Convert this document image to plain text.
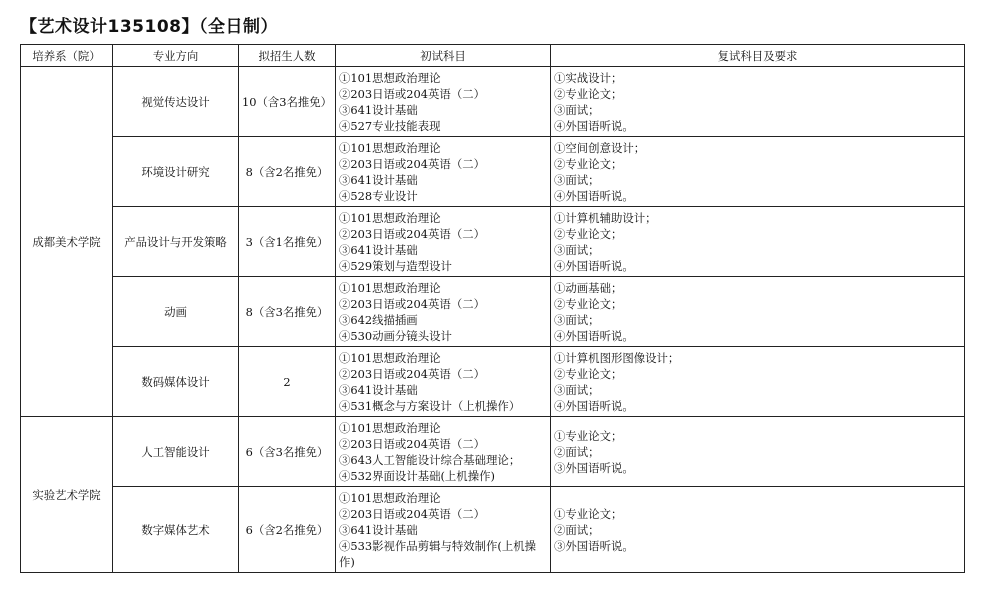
【艺术设计135108】（全日制）
培养系（院）	专业方向	拟招生人数	初试科目	复试科目及要求
成都美术学院	视觉传达设计	10（含3名推免）	①101思想政治理论
②203日语或204英语（二）
③641设计基础
④527专业技能表现	①实战设计；
②专业论文；
③面试；
④外国语听说。

	环境设计研究	8（含2名推免）	①101思想政治理论
②203日语或204英语（二）
③641设计基础
④528专业设计	①空间创意设计；
②专业论文；
③面试；
④外国语听说。

	产品设计与开发策略	3（含1名推免）	①101思想政治理论
②203日语或204英语（二）
③641设计基础
④529策划与造型设计	①计算机辅助设计；
②专业论文；
③面试；
④外国语听说。

	动画	8（含3名推免）	①101思想政治理论
②203日语或204英语（二）
③642线描插画
④530动画分镜头设计	①动画基础；
②专业论文；
③面试；
④外国语听说。

	数码媒体设计	2	①101思想政治理论
②203日语或204英语（二）
③641设计基础
④531概念与方案设计（上机操作）	①计算机图形图像设计；
②专业论文；
③面试；
④外国语听说。

实验艺术学院	人工智能设计	6（含3名推免）	①101思想政治理论
②203日语或204英语（二）
③643人工智能设计综合基础理论；
④532界面设计基础(上机操作)	①专业论文；
②面试；
③外国语听说。

	数字媒体艺术	6（含2名推免）	①101思想政治理论
②203日语或204英语（二）
③641设计基础
④533影视作品剪辑与特效制作(上机操作)	①专业论文；
②面试；
③外国语听说。
